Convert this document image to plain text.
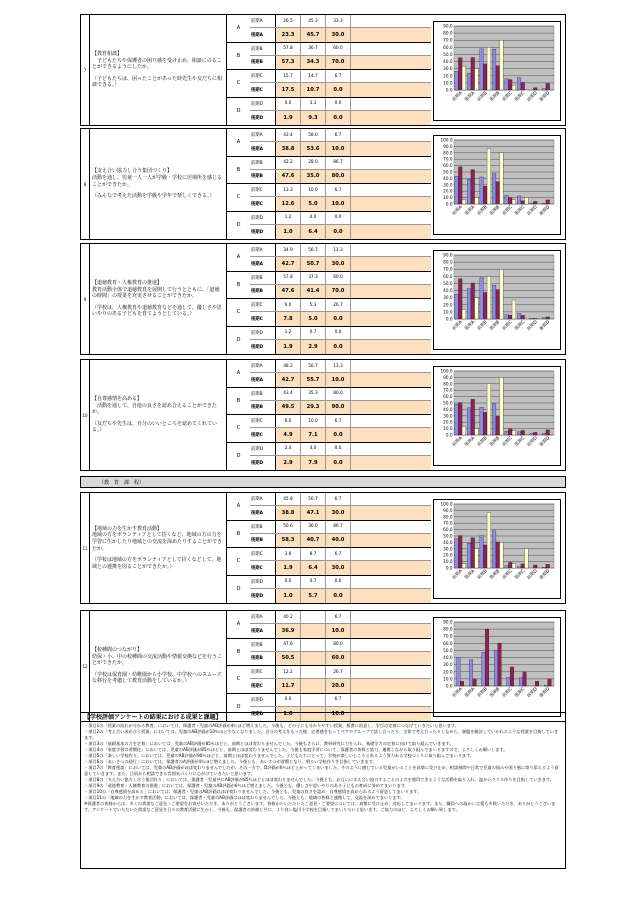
7
【教育相談】
　子どもたちや保護者の困り感を受け止め、相談にのることができるようにしたか。
（子どもたちは、困ったことがあった時先生や友だちに相談できる。）
A
前期A	26.5	45.3	33.3
後期A	23.3	45.7	30.0
B
前期B	57.8	36.7	60.0
後期B	57.3	34.3	70.0
C
前期C	15.7	14.7	6.7
後期C	17.5	10.7	0.0
D
前期D	0.0	3.3	0.0
後期D	1.9	9.3	0.0
90.0
80.0
70.0
60.0
50.0
40.0
30.0
20.0
10.0
0.0
前期A 後期A 前期B 後期B 前期C 後期C 前期D 後期D
8
【支え合い協力し合う集団づくり】
活動を通し、児童一人一人が学級・学校に居場所を感じることができたか。
（みんなで考えた活動を学級や学年で楽しくできる。）
A
前期A	43.4	58.0	6.7
後期A	38.8	53.6	10.0
B
前期B	42.2	28.0	86.7
後期B	47.6	35.0	80.0
C
前期C	13.3	10.0	6.7
後期C	12.6	5.0	10.0
D
前期D	1.2	4.0	0.0
後期D	1.0	6.4	0.0
100.0
90.0
80.0
70.0
60.0
50.0
40.0
30.0
20.0
10.0
0.0
前期A 後期A 前期B 後期B 前期C 後期C 前期D 後期D
9
【道徳教育・人権教育の推進】
教育活動全体で道徳教育を展開して行うとともに、「道徳の時間」の授業を充実させることができたか。
（学校は、人権教育や道徳教育などを通して、優しさや思いやりのある子どもを育てようとしている。）
A
前期A	34.9	56.7	13.3
後期A	42.7	50.7	30.0
B
前期B	57.8	37.3	60.0
後期B	47.6	41.4	70.0
C
前期C	6.0	5.3	26.7
後期C	7.8	5.0	0.0
D
前期D	1.2	0.7	0.0
後期D	1.9	2.9	0.0
90.0
80.0
70.0
60.0
50.0
40.0
30.0
20.0
10.0
0.0
前期A 後期A 前期B 後期B 前期C 後期C 前期D 後期D
10
【自尊感情を高める】
　活動を通して、自他の良さを認め合えることができたか。
（友だちや先生は、自分のいいところを認めてくれている。）
A
前期A	48.2	50.7	13.3
後期A	42.7	55.7	10.0
B
前期B	43.4	35.3	80.0
後期B	49.5	29.3	90.0
C
前期C	6.0	10.0	6.7
後期C	4.9	7.1	0.0
D
前期D	2.4	4.0	0.0
後期D	2.9	7.9	0.0
100.0
90.0
80.0
70.0
60.0
50.0
40.0
30.0
20.0
10.0
0.0
前期A 後期A 前期B 後期B 前期C 後期C 前期D 後期D
11
【地域の力を生かす教育活動】
地域の方をボランティアとして招くなど、地域の方の力を学習に生かしたり地域との交流を深めたりすることができたか。
（学校は地域の方をボランティアとして招くなどして、地域との連携を図ることができたか。）
A
前期A	45.8	50.7	6.7
後期A	38.8	47.1	30.0
B
前期B	50.6	36.0	86.7
後期B	58.3	40.7	40.0
C
前期C	3.6	8.7	6.7
後期C	1.9	6.4	30.0
D
前期D	0.0	4.7	0.0
後期D	1.0	5.7	0.0
100.0
90.0
80.0
70.0
60.0
50.0
40.0
30.0
20.0
10.0
0.0
前期A 後期A 前期B 後期B 前期C 後期C 前期D 後期D
12
【校種間のつながり】
幼保・小、中の校種間の交流活動や情報交換などを行うことができたか。
（学校は保育園・幼稚園から小学校、中学校へのスムーズな移行を考慮して教育活動をしているか。）
A
前期A	40.2	6.7
後期A	36.9	10.0
B
前期B	47.6	80.0
後期B	50.5	60.0
C
前期C	12.2	26.7
後期C	11.7	20.0
D
前期D	0.0	6.7
後期D	1.0	10.0
90.0
80.0
70.0
60.0
50.0
40.0
30.0
20.0
10.0
0.0
前期A 後期A 前期B 後期B 前期C 後期C 前期D 後期D
（教　育　課　程）
【学校評価アンケートの結果における成果と課題】
・項目1の「授業の流れが分かる教育」においては、保護者・児童のAB評価が4％ほど増えました。今後も、どの子にも分かりやすい授業、板書に留意し、学びの定着につなげていきたいと思います。
・項目2の「考え合い深め合う授業」においては、児童のAB評価が10％ほど少なくなりました。自分の考えをもった後、必要感をもってペアやグループで話し合ったり、全体で考え合ったりしながら、課題を解決していかれるような授業を目指していきます。
・項目3の「基礎基本の力を定着」においては、児童のAB評価が85％ほどと、前期とほぼ変わりませんでした。今後もさらに、教材研究に力を入れ、基礎学力の定着に向けて取り組んでいきます。
・項目4の「家庭学習の習慣化」においては、児童のAB評価が85％ほどと、前期とほぼ変わりませんでした。今後も家庭学習について、保護者の皆様と協力、連携しながら取り組んでまいりますので、よろしくお願いします。
・項目5の「楽しい学校作り」においては、児童のAB評価が90％ほどと、前期とほぼ変わりませんでした。子どもたちにとって、学校が楽しいところとあるよう努力ある学校づくりに取り組んでまいります。
・項目6の「あいさつの励行」においては、保護者のA評価が4％ほど増えました。今後とも、あいさつが習慣となり、明るい学校作りを目指していきます。
・項目7の「教育相談」においては、児童のAB評価がほぼ変わりませんでしたが、その一方で、D評価が6％ほど上がってしまいました。そのように感じている児童がいることを真摯に受け止め、相談週間や日常で児童の悩みや困り感に寄り添えるよう留意していきます。また、日頃から相談できる雰囲気づくりに心がけていきたいと思います。
・項目8の「支え合い協力し合う集団作り」においては、保護者・児童共にAB評価が85％ほどとほぼ変わりませんでした。今後とも、お互いに支え合い協力することのよさを感得できるような活動を取り入れ、温かいクラス作りを目指していきます。
・項目9の「道徳教育・人権教育の推進」においては、保護者・児童のAB評価が6％ほど増えました。今後とも、優しさや思いやりのある子どもの育成に努めてまいります。
・項目10の「自尊感情を高める」においては、保護者・児童のAB評価はほぼ変わりませんでした。今後とも、児童の良さを認め、自尊感情を高められるよう留意してまいります。
・項目11の「地域の力を生かす教育活動」においては、保護者・児童のAB評価はほぼ変わりませんでした。今後とも、地域の皆様と連携して、交流を深めてまいります。
※保護者の皆様からは、多くの貴重なご意見・ご要望をお寄せいただき、ありがとうございます。皆様からいただいたご意見・ご要望については、真摯に受け止め、対応してまいります。また、職員への温かい言葉も多数いただき、ありがとうございます。アンケートでいただいた貴重なご意見を日々の教育活動に生かし、今後も、保護者の皆様と共に、より良い塩川小学校を目指してまいりたいと思います。ご協力のほど、よろしくお願い致します。
